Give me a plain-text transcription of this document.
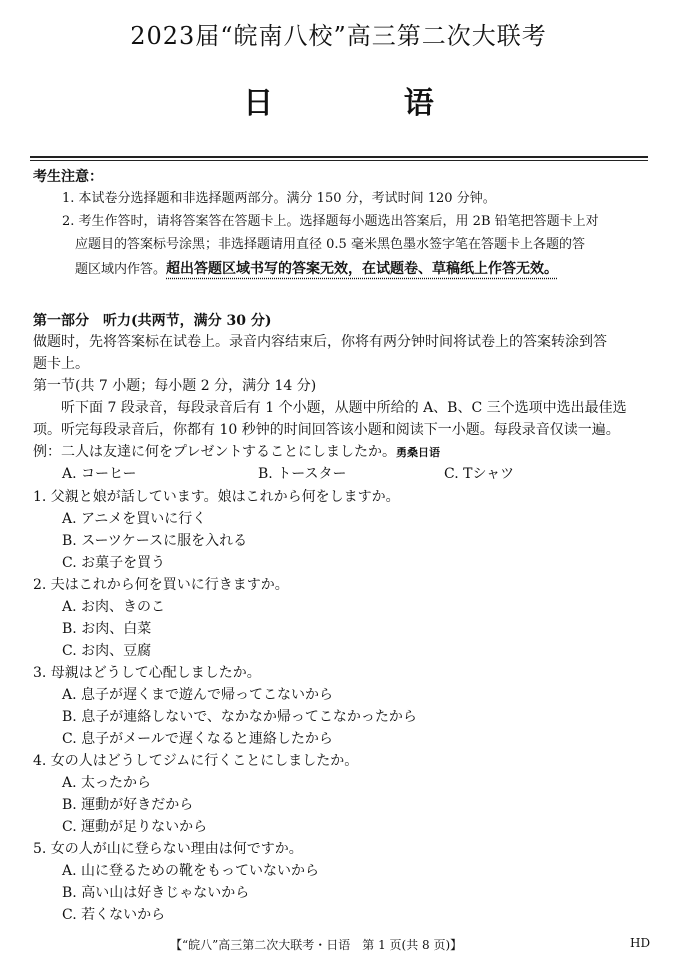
2023届“皖南八校”高三第二次大联考
日 语
考生注意：
1. 本试卷分选择题和非选择题两部分。满分 150 分，考试时间 120 分钟。
2. 考生作答时，请将答案答在答题卡上。选择题每小题选出答案后，用 2B 铅笔把答题卡上对
应题目的答案标号涂黑；非选择题请用直径 0.5 毫米黑色墨水签字笔在答题卡上各题的答
题区域内作答。超出答题区域书写的答案无效，在试题卷、草稿纸上作答无效。
第一部分　听力(共两节，满分 30 分)
做题时，先将答案标在试卷上。录音内容结束后，你将有两分钟时间将试卷上的答案转涂到答
题卡上。
第一节(共 7 小题；每小题 2 分，满分 14 分)
听下面 7 段录音，每段录音后有 1 个小题，从题中所给的 A、B、C 三个选项中选出最佳选
项。听完每段录音后，你都有 10 秒钟的时间回答该小题和阅读下一小题。每段录音仅读一遍。
例：二人は友達に何をプレゼントすることにしましたか。勇桑日语
A. コーヒー	B. トースター	C. Tシャツ
1. 父親と娘が話しています。娘はこれから何をしますか。
A. アニメを買いに行く
B. スーツケースに服を入れる
C. お菓子を買う
2. 夫はこれから何を買いに行きますか。
A. お肉、きのこ
B. お肉、白菜
C. お肉、豆腐
3. 母親はどうして心配しましたか。
A. 息子が遅くまで遊んで帰ってこないから
B. 息子が連絡しないで、なかなか帰ってこなかったから
C. 息子がメールで遅くなると連絡したから
4. 女の人はどうしてジムに行くことにしましたか。
A. 太ったから
B. 運動が好きだから
C. 運動が足りないから
5. 女の人が山に登らない理由は何ですか。
A. 山に登るための靴をもっていないから
B. 高い山は好きじゃないから
C. 若くないから
【“皖八”高三第二次大联考・日语　第 1 页(共 8 页)】	HD
